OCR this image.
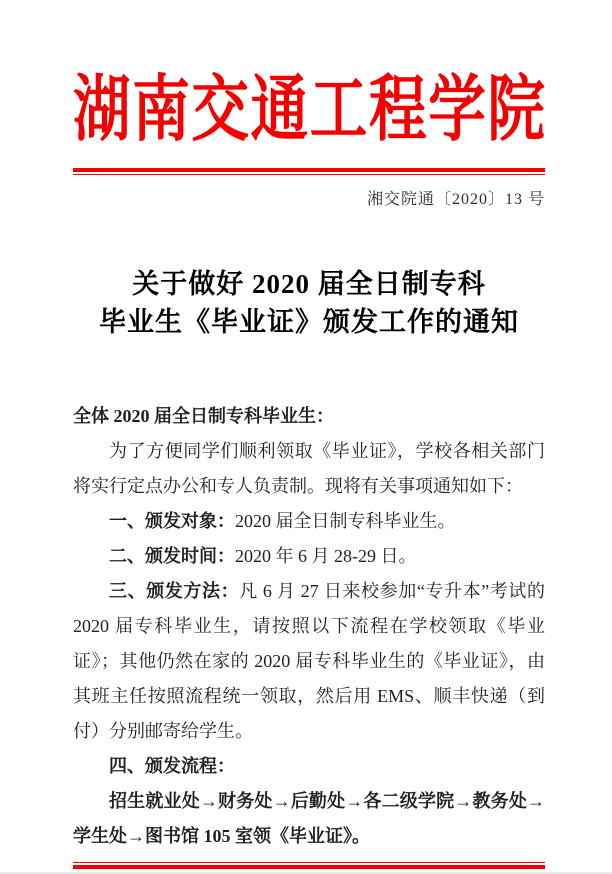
湖南交通工程学院
湘交院通〔2020〕13 号
关于做好 2020 届全日制专科
毕业生《毕业证》颁发工作的通知

全体 2020 届全日制专科毕业生：

为了方便同学们顺利领取《毕业证》，学校各相关部门将实行定点办公和专人负责制。现将有关事项通知如下：

一、颁发对象：2020 届全日制专科毕业生。

二、颁发时间：2020 年 6 月 28-29 日。

三、颁发方法：凡 6 月 27 日来校参加“专升本”考试的 2020 届专科毕业生，请按照以下流程在学校领取《毕业证》；其他仍然在家的 2020 届专科毕业生的《毕业证》，由其班主任按照流程统一领取，然后用 EMS、顺丰快递（到付）分别邮寄给学生。

四、颁发流程：

招生就业处→财务处→后勤处→各二级学院→教务处→学生处→图书馆 105 室领《毕业证》。
